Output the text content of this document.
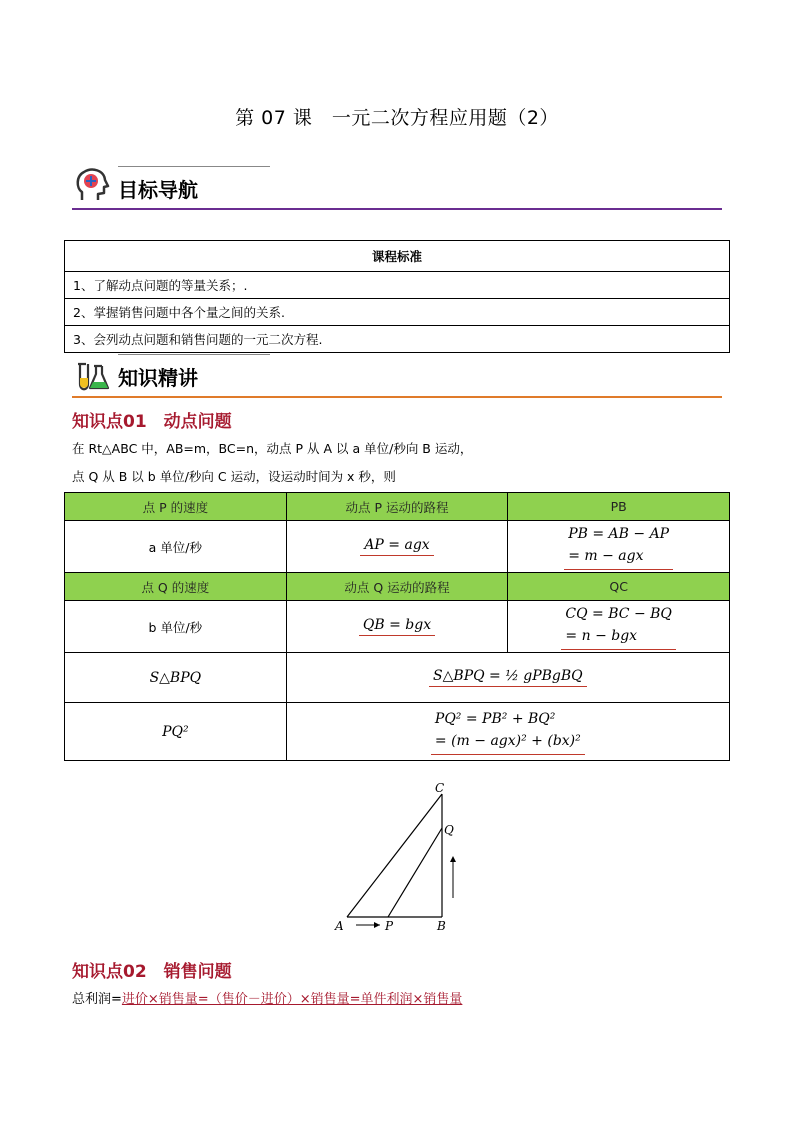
第 07 课　一元二次方程应用题（2）
目标导航
课程标准
1、了解动点问题的等量关系；.
2、掌握销售问题中各个量之间的关系.
3、会列动点问题和销售问题的一元二次方程.
知识精讲
知识点01　动点问题
在 Rt△ABC 中，AB=m，BC=n，动点 P 从 A 以 a 单位/秒向 B 运动，
点 Q 从 B 以 b 单位/秒向 C 运动，设运动时间为 x 秒，则
点 P 的速度	动点 P 运动的路程	PB
a 单位/秒	AP = agx	PB = AB − AP
= m − agx

点 Q 的速度	动点 Q 运动的路程	QC
b 单位/秒	QB = bgx	CQ = BC − BQ
= n − bgx

S△BPQ	S△BPQ = ½ gPBgBQ	
PQ²	PQ² = PB² + BQ²
= (m − agx)² + (bx)²	
C
Q
A	P	B
知识点02　销售问题
总利润=进价×销售量=（售价－进价）×销售量=单件利润×销售量
